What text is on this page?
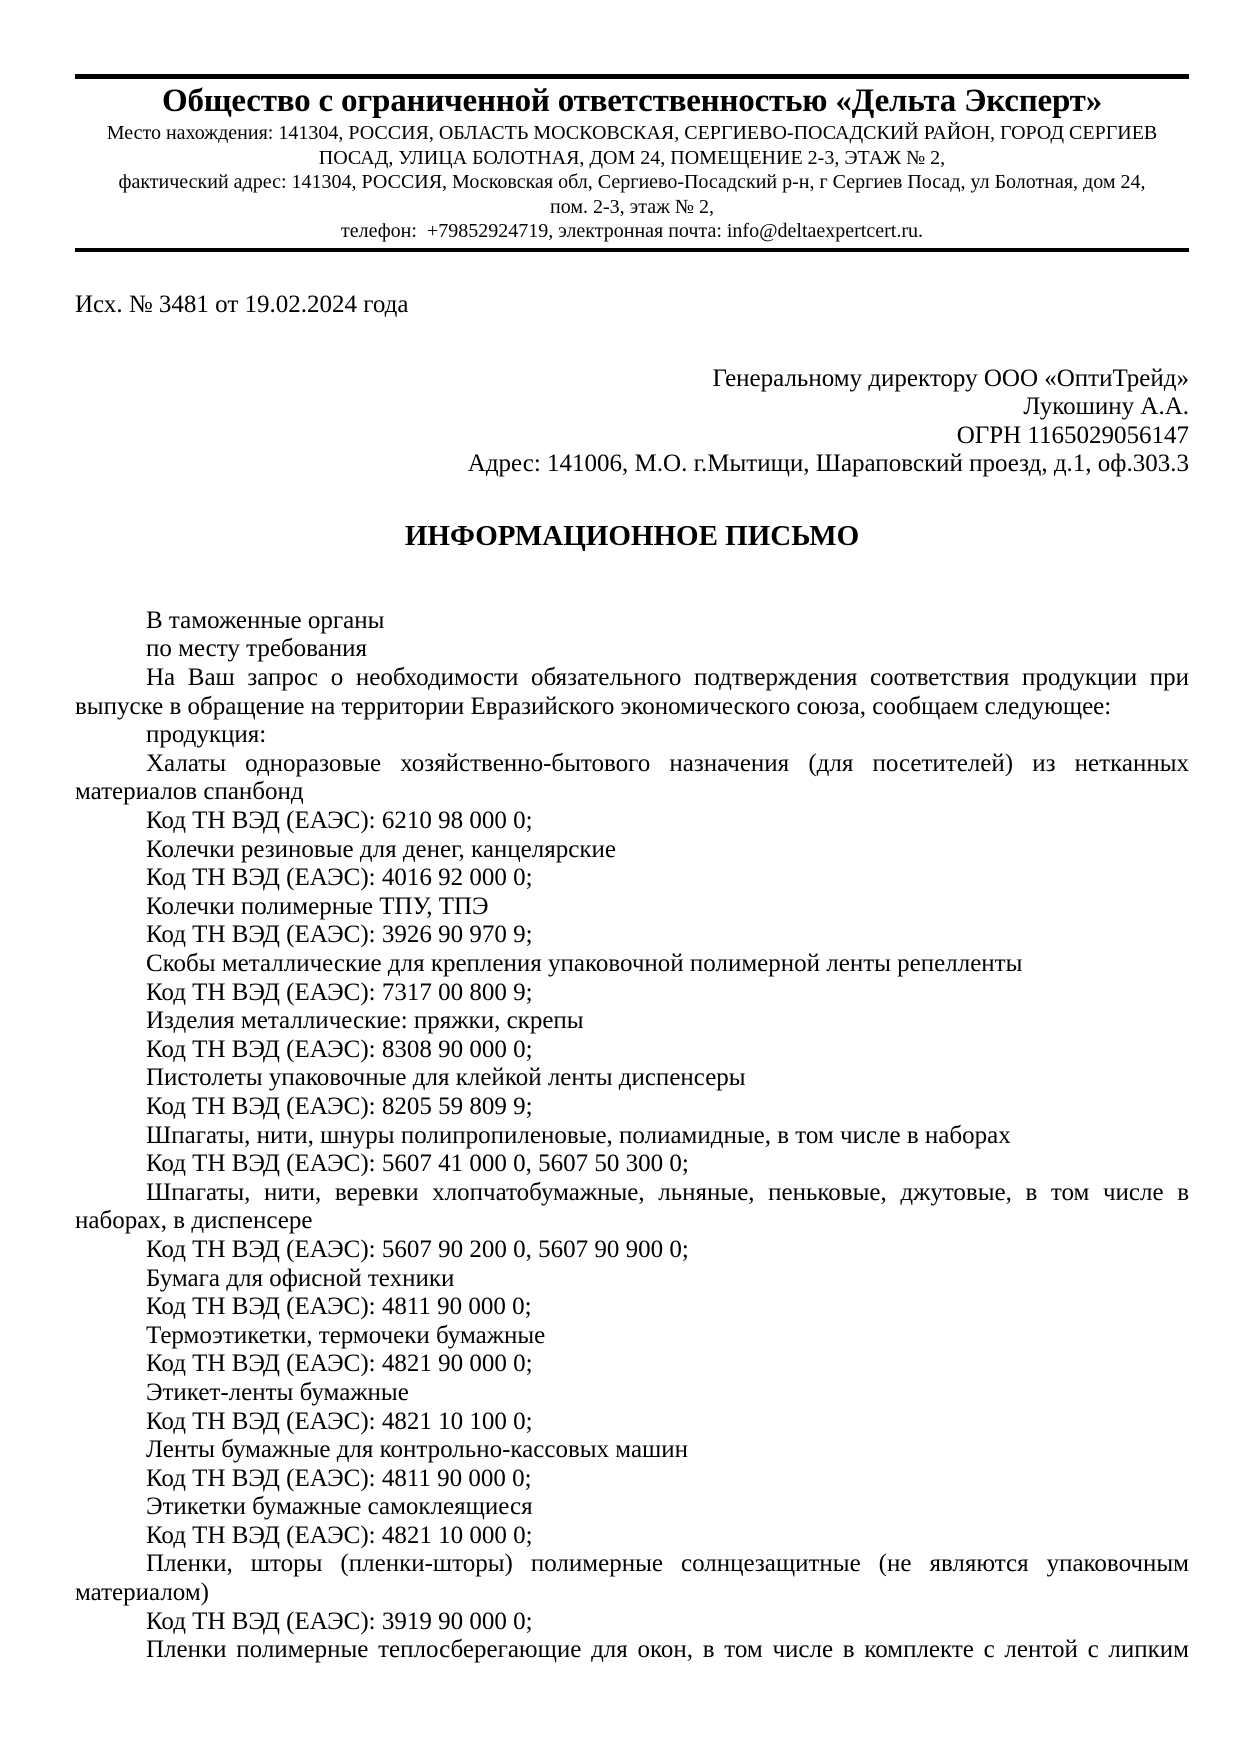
Общество с ограниченной ответственностью «Дельта Эксперт»
Место нахождения: 141304, РОССИЯ, ОБЛАСТЬ МОСКОВСКАЯ, СЕРГИЕВО-ПОСАДСКИЙ РАЙОН, ГОРОД СЕРГИЕВ
ПОСАД, УЛИЦА БОЛОТНАЯ, ДОМ 24, ПОМЕЩЕНИЕ 2-3, ЭТАЖ № 2,
фактический адрес: 141304, РОССИЯ, Московская обл, Сергиево-Посадский р-н, г Сергиев Посад, ул Болотная, дом 24,
пом. 2-3, этаж № 2,
телефон:  +79852924719, электронная почта: info@deltaexpertcert.ru.
Исх. № 3481 от 19.02.2024 года
Генеральному директору ООО «ОптиТрейд»
Лукошину А.А.
ОГРН 1165029056147
Адрес: 141006, М.О. г.Мытищи, Шараповский проезд, д.1, оф.303.3
ИНФОРМАЦИОННОЕ ПИСЬМО
В таможенные органы
по месту требования
На Ваш запрос о необходимости обязательного подтверждения соответствия продукции при
выпуске в обращение на территории Евразийского экономического союза, сообщаем следующее:
продукция:
Халаты одноразовые хозяйственно-бытового назначения (для посетителей) из нетканных
материалов спанбонд
Код ТН ВЭД (ЕАЭС): 6210 98 000 0;
Колечки резиновые для денег, канцелярские
Код ТН ВЭД (ЕАЭС): 4016 92 000 0;
Колечки полимерные ТПУ, ТПЭ
Код ТН ВЭД (ЕАЭС): 3926 90 970 9;
Скобы металлические для крепления упаковочной полимерной ленты репелленты
Код ТН ВЭД (ЕАЭС): 7317 00 800 9;
Изделия металлические: пряжки, скрепы
Код ТН ВЭД (ЕАЭС): 8308 90 000 0;
Пистолеты упаковочные для клейкой ленты диспенсеры
Код ТН ВЭД (ЕАЭС): 8205 59 809 9;
Шпагаты, нити, шнуры полипропиленовые, полиамидные, в том числе в наборах
Код ТН ВЭД (ЕАЭС): 5607 41 000 0, 5607 50 300 0;
Шпагаты, нити, веревки хлопчатобумажные, льняные, пеньковые, джутовые, в том числе в
наборах, в диспенсере
Код ТН ВЭД (ЕАЭС): 5607 90 200 0, 5607 90 900 0;
Бумага для офисной техники
Код ТН ВЭД (ЕАЭС): 4811 90 000 0;
Термоэтикетки, термочеки бумажные
Код ТН ВЭД (ЕАЭС): 4821 90 000 0;
Этикет-ленты бумажные
Код ТН ВЭД (ЕАЭС): 4821 10 100 0;
Ленты бумажные для контрольно-кассовых машин
Код ТН ВЭД (ЕАЭС): 4811 90 000 0;
Этикетки бумажные самоклеящиеся
Код ТН ВЭД (ЕАЭС): 4821 10 000 0;
Пленки, шторы (пленки-шторы) полимерные солнцезащитные (не являются упаковочным
материалом)
Код ТН ВЭД (ЕАЭС): 3919 90 000 0;
Пленки полимерные теплосберегающие для окон, в том числе в комплекте с лентой с липким
